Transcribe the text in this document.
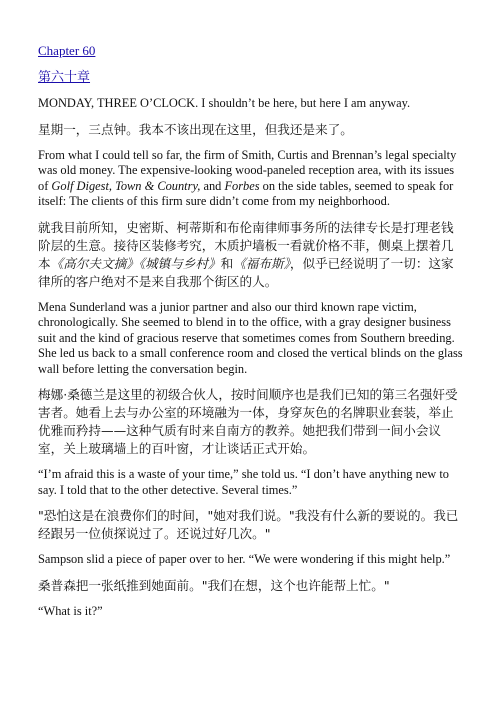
Chapter 60
第六十章

MONDAY, THREE O’CLOCK. I shouldn’t be here, but here I am anyway.

星期一，三点钟。我本不该出现在这里，但我还是来了。

From what I could tell so far, the firm of Smith, Curtis and Brennan’s legal specialty was old money. The expensive-looking wood-paneled reception area, with its issues of Golf Digest, Town & Country, and Forbes on the side tables, seemed to speak for itself: The clients of this firm sure didn’t come from my neighborhood.

就我目前所知，史密斯、柯蒂斯和布伦南律师事务所的法律专长是打理老钱阶层的生意。接待区装修考究，木质护墙板一看就价格不菲，侧桌上摆着几本《高尔夫文摘》《城镇与乡村》和《福布斯》，似乎已经说明了一切：这家律所的客户绝对不是来自我那个街区的人。

Mena Sunderland was a junior partner and also our third known rape victim, chronologically. She seemed to blend in to the office, with a gray designer business suit and the kind of gracious reserve that sometimes comes from Southern breeding. She led us back to a small conference room and closed the vertical blinds on the glass wall before letting the conversation begin.

梅娜·桑德兰是这里的初级合伙人，按时间顺序也是我们已知的第三名强奸受害者。她看上去与办公室的环境融为一体，身穿灰色的名牌职业套装，举止优雅而矜持——这种气质有时来自南方的教养。她把我们带到一间小会议室，关上玻璃墙上的百叶窗，才让谈话正式开始。

“I’m afraid this is a waste of your time,” she told us. “I don’t have anything new to say. I told that to the other detective. Several times.”

"恐怕这是在浪费你们的时间，"她对我们说。"我没有什么新的要说的。我已经跟另一位侦探说过了。还说过好几次。"

Sampson slid a piece of paper over to her. “We were wondering if this might help.”

桑普森把一张纸推到她面前。"我们在想，这个也许能帮上忙。"

“What is it?”
